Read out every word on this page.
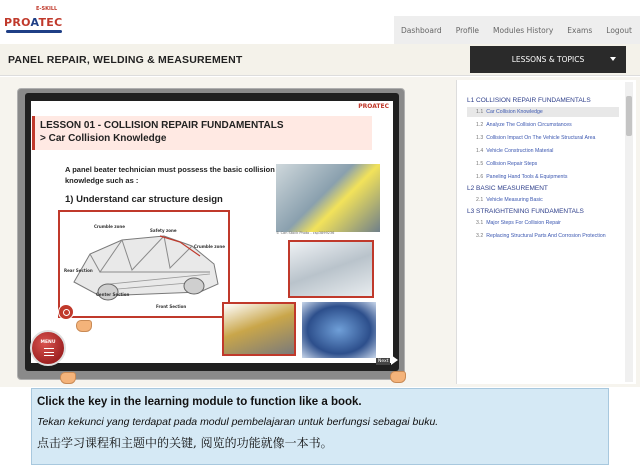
E-SKILL
PROATEC
Dashboard	Profile	Modules History	Exams	Logout
PANEL REPAIR, WELDING & MEASUREMENT	LESSONS & TOPICS
PROATEC
LESSON 01 - COLLISION REPAIR FUNDAMENTALS
> Car Collision Knowledge
A panel beater technician must possess the basic collision knowledge such as :
1) Understand car structure design
Crumble zone
Safety zone
Crumble zone
Rear Section
Center Section
Front Section
© Can Stock Photo - csp3899236
MENU
Next
L1 COLLISION REPAIR FUNDAMENTALS
1.1 Car Collision Knowledge
1.2 Analyze The Collision Circumstances
1.3 Collision Impact On The Vehicle Structural Area
1.4 Vehicle Construction Material
1.5 Collision Repair Steps
1.6 Paneling Hand Tools & Equipments
L2 BASIC MEASUREMENT
2.1 Vehicle Measuring Basic
L3 STRAIGHTENING FUNDAMENTALS
3.1 Major Steps For Collision Repair
3.2 Replacing Structural Parts And Corrosion Protection
Click the key in the learning module to function like a book.
Tekan kekunci yang terdapat pada modul pembelajaran untuk berfungsi sebagai buku.
点击学习课程和主题中的关键, 阅览的功能就像一本书。
